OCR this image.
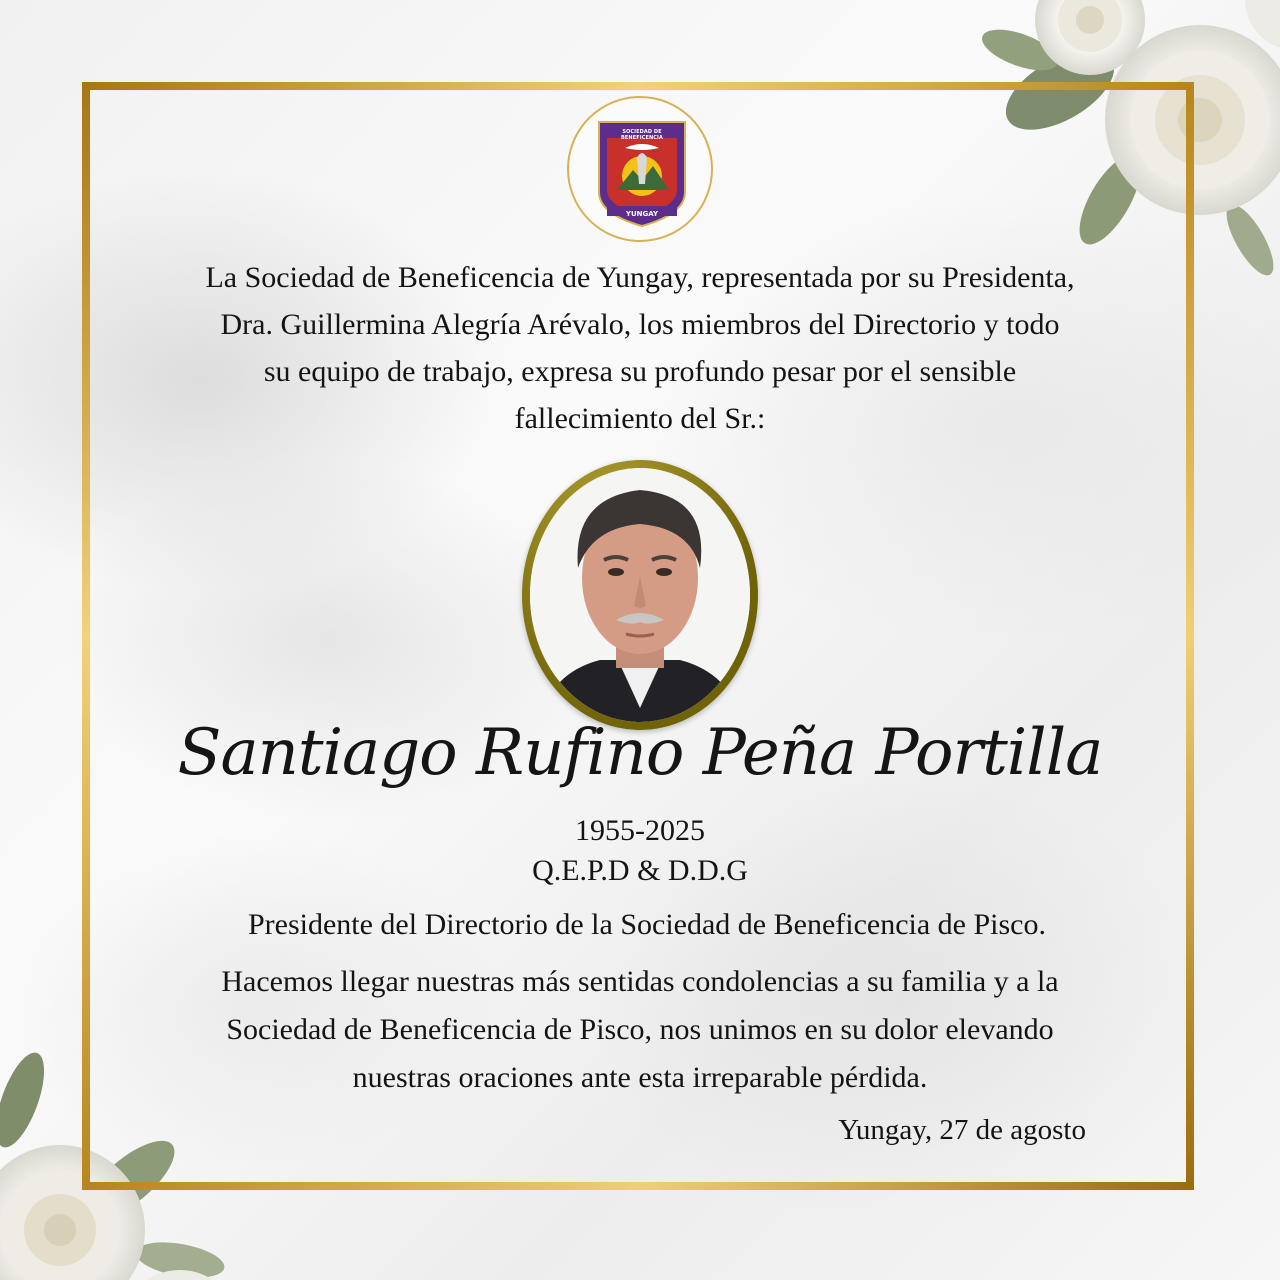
SOCIEDAD DE BENEFICENCIA
YUNGAY
La Sociedad de Beneficencia de Yungay, representada por su Presidenta,
Dra. Guillermina Alegría Arévalo, los miembros del Directorio y todo
su equipo de trabajo, expresa su profundo pesar por el sensible
fallecimiento del Sr.:
Santiago Rufino Peña Portilla
1955-2025
Q.E.P.D & D.D.G
Presidente del Directorio de la Sociedad de Beneficencia de Pisco.
Hacemos llegar nuestras más sentidas condolencias a su familia y a la
Sociedad de Beneficencia de Pisco, nos unimos en su dolor elevando
nuestras oraciones ante esta irreparable pérdida.
Yungay, 27 de agosto
